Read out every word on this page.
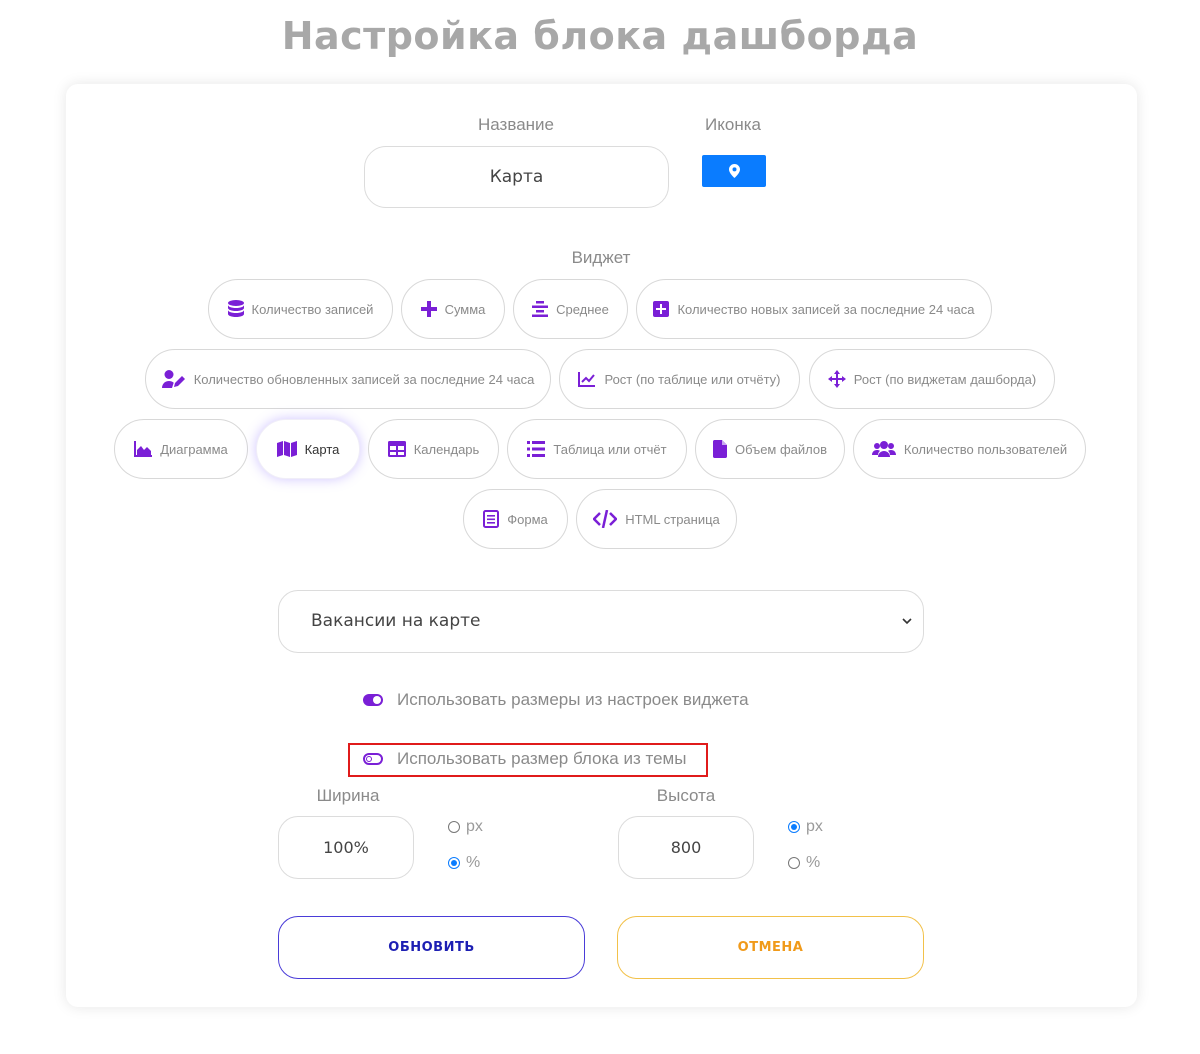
Настройка блока дашборда
Название
Карта
Иконка
Виджет
Количество записей	Сумма	Среднее	Количество новых записей за последние 24 часа
Количество обновленных записей за последние 24 часа	Рост (по таблице или отчёту)	Рост (по виджетам дашборда)
Диаграмма	Карта	Календарь	Таблица или отчёт	Объем файлов	Количество пользователей
Форма	HTML страница
Вакансии на карте
Использовать размеры из настроек виджета
Использовать размер блока из темы
Ширина
100%
px
%
Высота
800
px
%
ОБНОВИТЬ	ОТМЕНА
